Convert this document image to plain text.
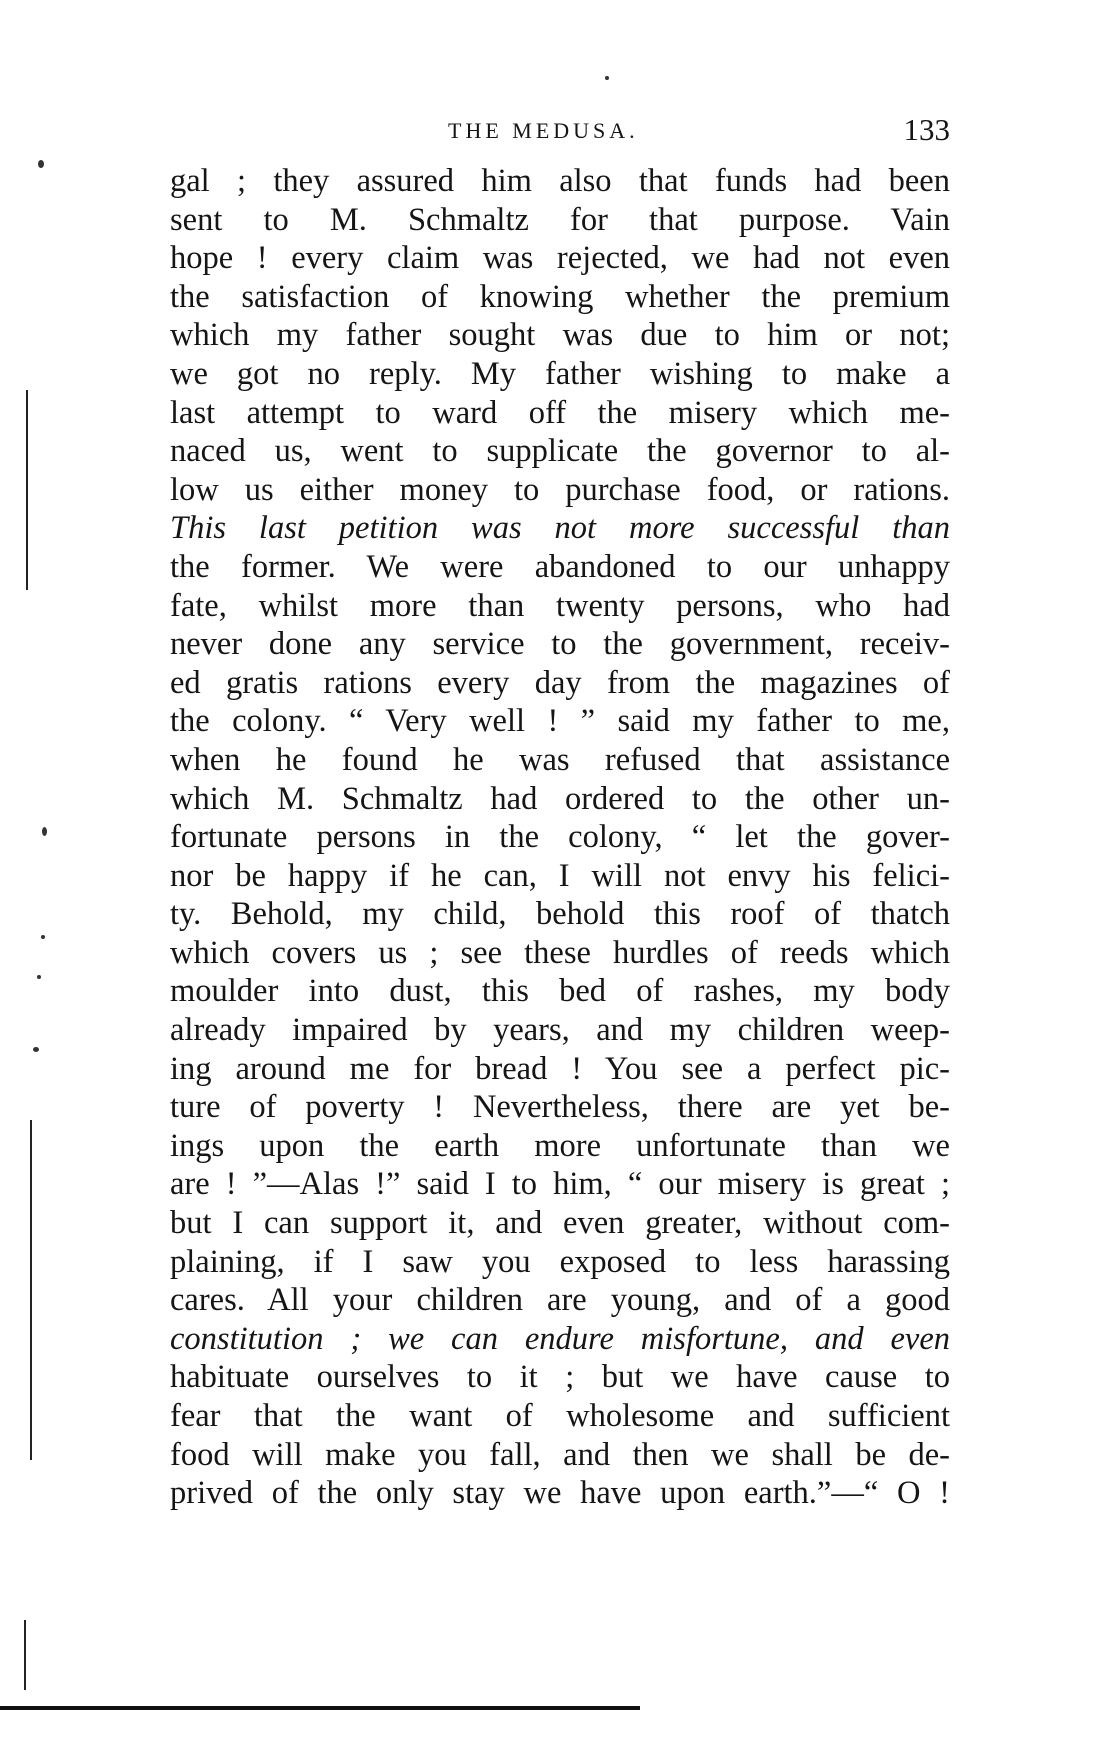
THE MEDUSA.	133
gal ; they assured him also that funds had been
sent to M. Schmaltz for that purpose. Vain
hope ! every claim was rejected, we had not even
the satisfaction of knowing whether the premium
which my father sought was due to him or not;
we got no reply. My father wishing to make a
last attempt to ward off the misery which me-
naced us, went to supplicate the governor to al-
low us either money to purchase food, or rations.
This last petition was not more successful than
the former. We were abandoned to our unhappy
fate, whilst more than twenty persons, who had
never done any service to the government, receiv-
ed gratis rations every day from the magazines of
the colony. “ Very well ! ” said my father to me,
when he found he was refused that assistance
which M. Schmaltz had ordered to the other un-
fortunate persons in the colony, “ let the gover-
nor be happy if he can, I will not envy his felici-
ty. Behold, my child, behold this roof of thatch
which covers us ; see these hurdles of reeds which
moulder into dust, this bed of rashes, my body
already impaired by years, and my children weep-
ing around me for bread ! You see a perfect pic-
ture of poverty ! Nevertheless, there are yet be-
ings upon the earth more unfortunate than we
are ! ”—Alas !” said I to him, “ our misery is great ;
but I can support it, and even greater, without com-
plaining, if I saw you exposed to less harassing
cares. All your children are young, and of a good
constitution ; we can endure misfortune, and even
habituate ourselves to it ; but we have cause to
fear that the want of wholesome and sufficient
food will make you fall, and then we shall be de-
prived of the only stay we have upon earth.”—“ O !
